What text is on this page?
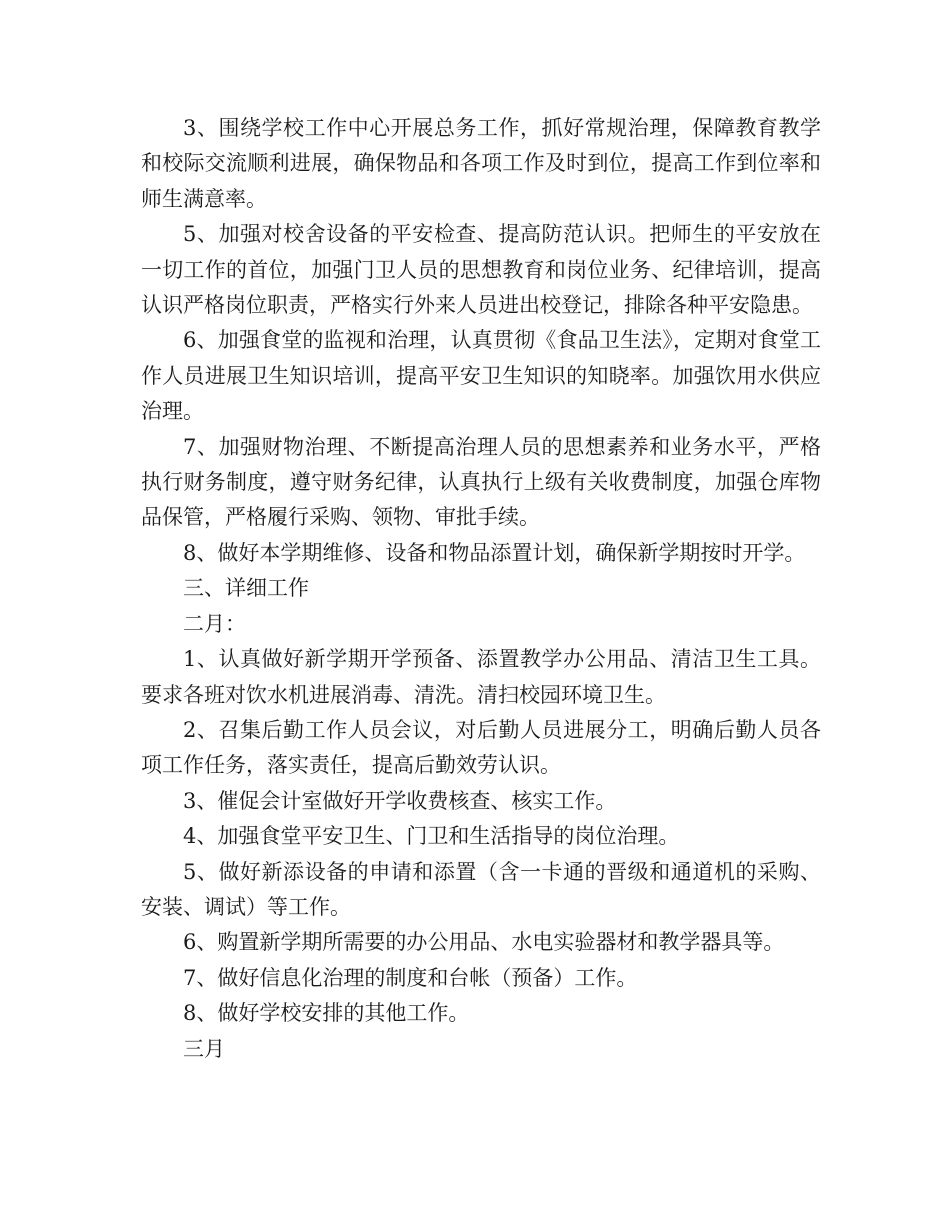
3、围绕学校工作中心开展总务工作，抓好常规治理，保障教育教学和校际交流顺利进展，确保物品和各项工作及时到位，提高工作到位率和师生满意率。

5、加强对校舍设备的平安检查、提高防范认识。把师生的平安放在一切工作的首位，加强门卫人员的思想教育和岗位业务、纪律培训，提高认识严格岗位职责，严格实行外来人员进出校登记，排除各种平安隐患。

6、加强食堂的监视和治理，认真贯彻《食品卫生法》，定期对食堂工作人员进展卫生知识培训，提高平安卫生知识的知晓率。加强饮用水供应治理。

7、加强财物治理、不断提高治理人员的思想素养和业务水平，严格执行财务制度，遵守财务纪律，认真执行上级有关收费制度，加强仓库物品保管，严格履行采购、领物、审批手续。

8、做好本学期维修、设备和物品添置计划，确保新学期按时开学。

三、详细工作

二月：

1、认真做好新学期开学预备、添置教学办公用品、清洁卫生工具。要求各班对饮水机进展消毒、清洗。清扫校园环境卫生。

2、召集后勤工作人员会议，对后勤人员进展分工，明确后勤人员各项工作任务，落实责任，提高后勤效劳认识。

3、催促会计室做好开学收费核查、核实工作。

4、加强食堂平安卫生、门卫和生活指导的岗位治理。

5、做好新添设备的申请和添置（含一卡通的晋级和通道机的采购、安装、调试）等工作。

6、购置新学期所需要的办公用品、水电实验器材和教学器具等。

7、做好信息化治理的制度和台帐（预备）工作。

8、做好学校安排的其他工作。

三月
